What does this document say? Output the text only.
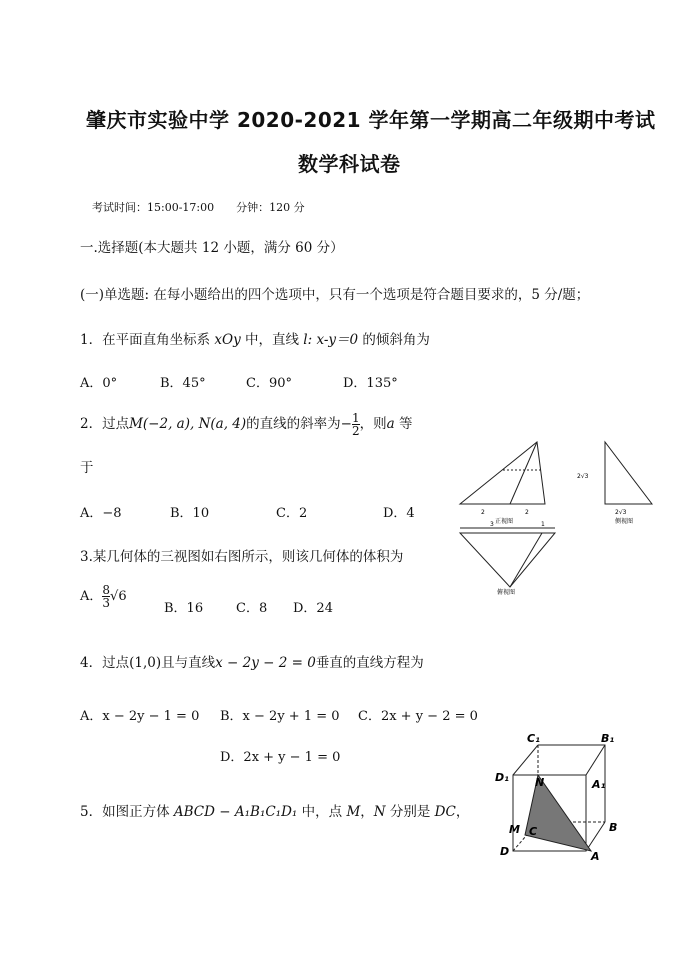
肇庆市实验中学 2020-2021 学年第一学期高二年级期中考试
数学科试卷
考试时间：15:00-17:00　　分钟：120 分
一.选择题(本大题共 12 小题，满分 60 分）
(一)单选题: 在每小题给出的四个选项中，只有一个选项是符合题目要求的，5 分/题；
1．在平面直角坐标系 xOy 中，直线 l: x-y＝0 的倾斜角为
A．0°	B．45°	C．90°	D．135°
2．过点M(−2, a), N(a, 4)的直线的斜率为− $\frac{1}{2}$ ，则a 等
于
A．−8	B．10	C．2	D．4	2	2
正视图
2√3
2√3
侧视图
3	1
俯视图
3.某几何体的三视图如右图所示，则该几何体的体积为
A． $\frac{8}{3} √6$
B．16	C．8 D．24
4．过点(1,0)且与直线x − 2y − 2 = 0垂直的直线方程为
A．x − 2y − 1 = 0 B．x − 2y + 1 = 0 C．2x + y − 2 = 0
D．2x + y − 1 = 0
5．如图正方体 ABCD − A₁B₁C₁D₁ 中，点 M，N 分别是 DC，
C₁	B₁
D₁ N	A₁
M C	B
D	A
